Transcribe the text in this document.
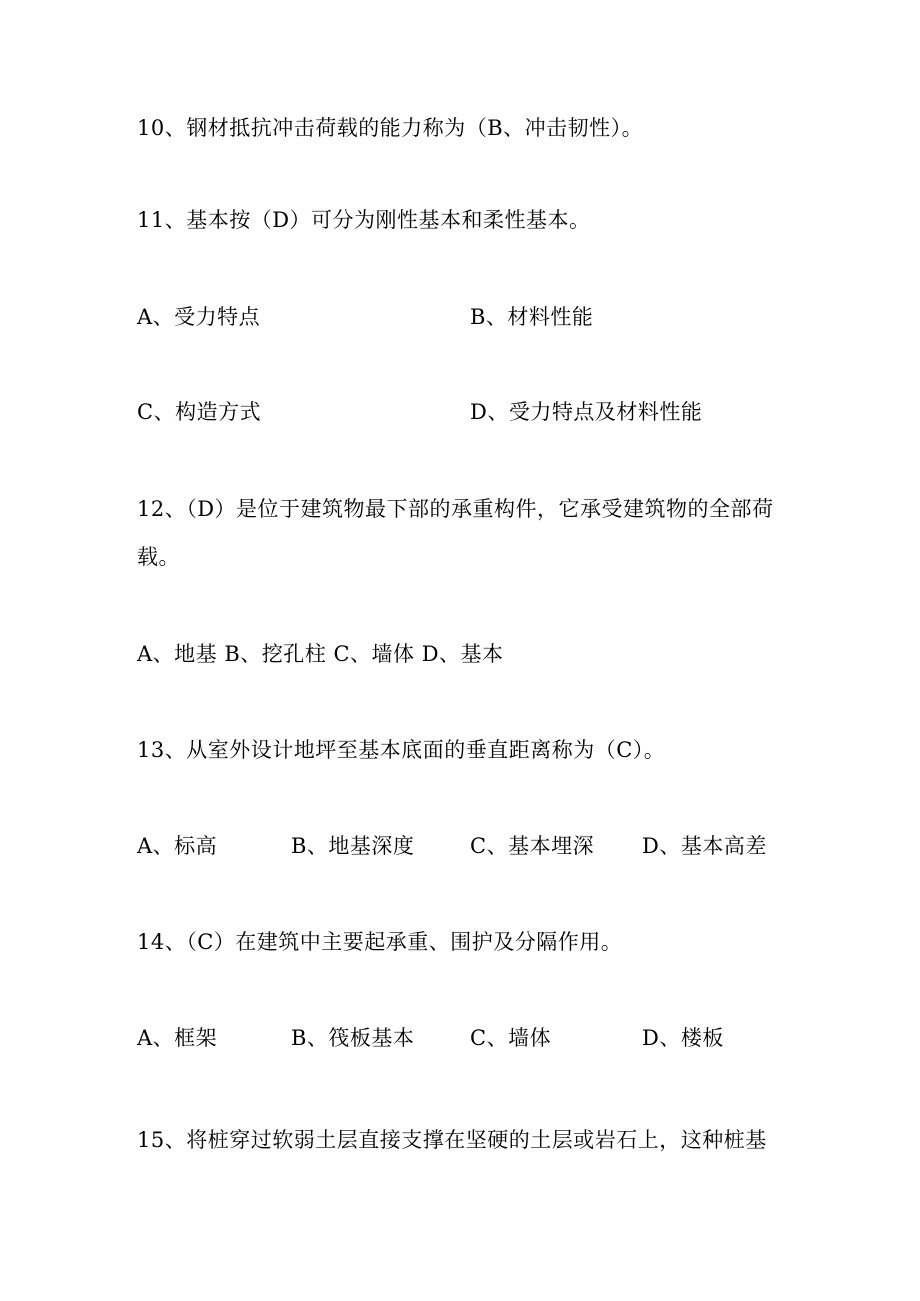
10、钢材抵抗冲击荷载的能力称为（B、冲击韧性）。
11、基本按（D）可分为刚性基本和柔性基本。
A、受力特点	B、材料性能
C、构造方式	D、受力特点及材料性能
12、（D）是位于建筑物最下部的承重构件，它承受建筑物的全部荷
载。
A、地基 B、挖孔柱 C、墙体 D、基本
13、从室外设计地坪至基本底面的垂直距离称为（C）。
A、标高	B、地基深度	C、基本埋深 D、基本高差
14、（C）在建筑中主要起承重、围护及分隔作用。
A、框架	B、筏板基本	C、墙体	D、楼板
15、将桩穿过软弱土层直接支撑在坚硬的土层或岩石上，这种桩基
